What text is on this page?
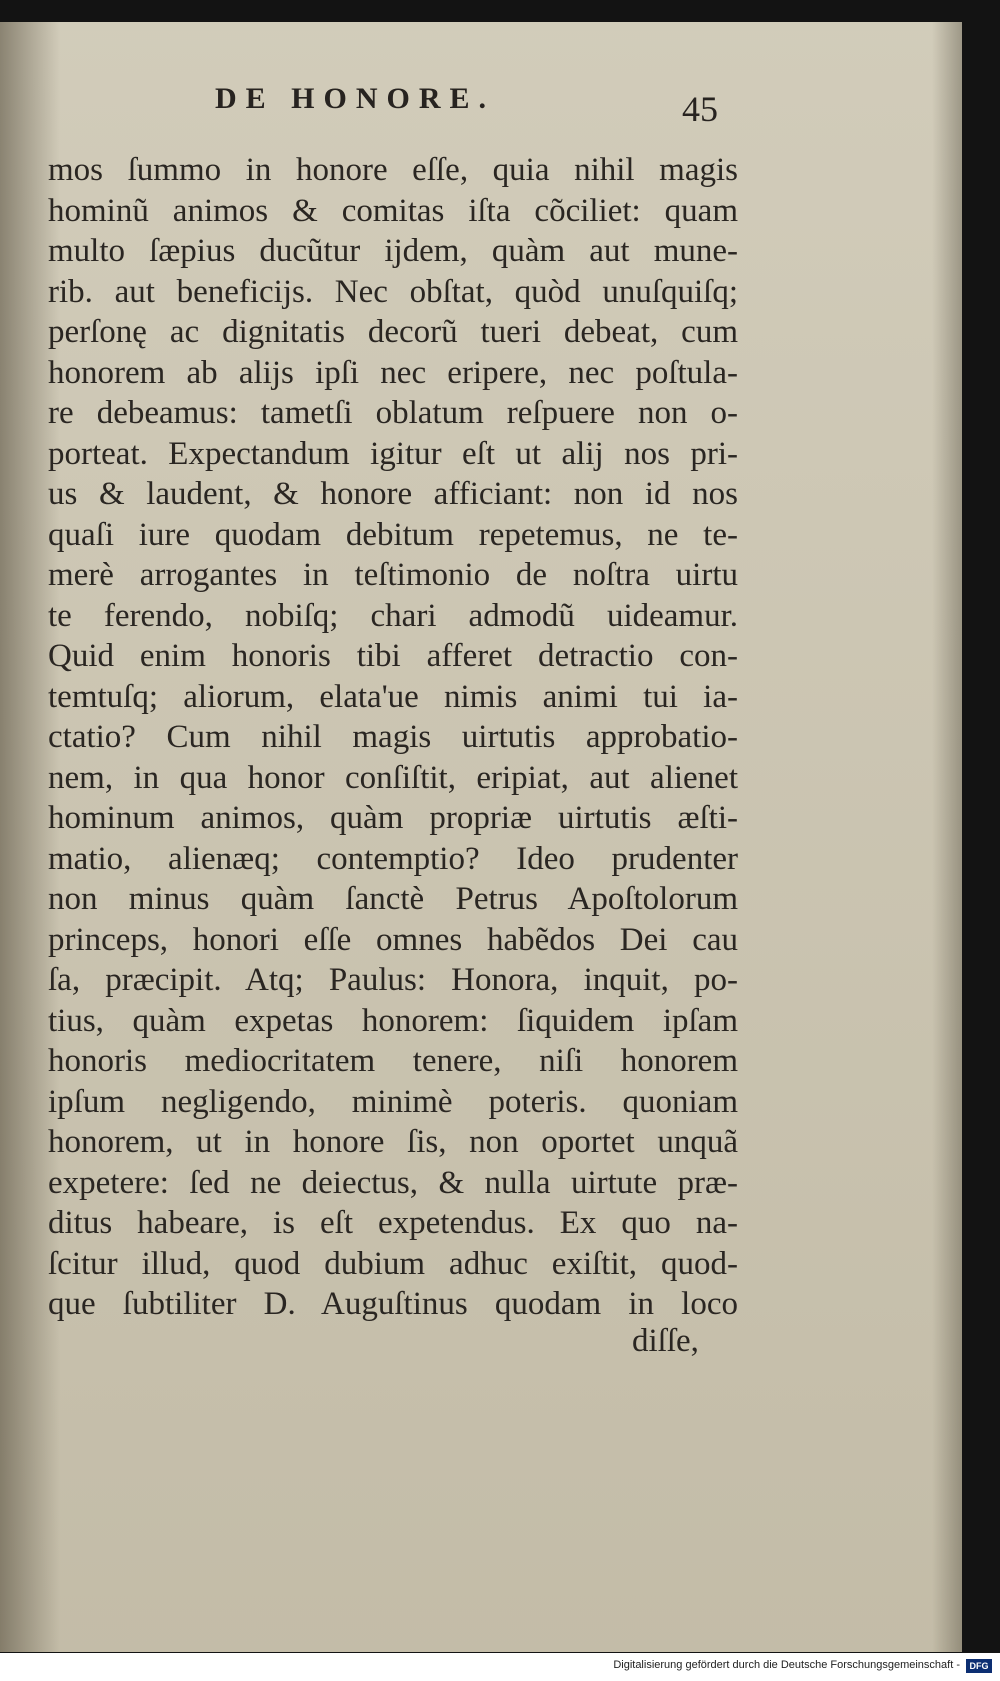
DE HONORE.	45
mos ſummo in honore eſſe, quia nihil magis
hominũ animos & comitas iſta cõciliet: quam
multo ſæpius ducũtur ijdem, quàm aut mune-
rib. aut beneficijs. Nec obſtat, quòd unuſquiſq;
perſonę ac dignitatis decorũ tueri debeat, cum
honorem ab alijs ipſi nec eripere, nec poſtula-
re debeamus: tametſi oblatum reſpuere non o-
porteat. Expectandum igitur eſt ut alij nos pri-
us & laudent, & honore afficiant: non id nos
quaſi iure quodam debitum repetemus, ne te-
merè arrogantes in teſtimonio de noſtra uirtu
te ferendo, nobiſq; chari admodũ uideamur.
Quid enim honoris tibi afferet detractio con-
temtuſq; aliorum, elata'ue nimis animi tui ia-
ctatio? Cum nihil magis uirtutis approbatio-
nem, in qua honor conſiſtit, eripiat, aut alienet
hominum animos, quàm propriæ uirtutis æſti-
matio, alienæq; contemptio? Ideo prudenter
non minus quàm ſanctè Petrus Apoſtolorum
princeps, honori eſſe omnes habẽdos Dei cau
ſa, præcipit. Atq; Paulus: Honora, inquit, po-
tius, quàm expetas honorem: ſiquidem ipſam
honoris mediocritatem tenere, niſi honorem
ipſum negligendo, minimè poteris. quoniam
honorem, ut in honore ſis, non oportet unquã
expetere: ſed ne deiectus, & nulla uirtute præ-
ditus habeare, is eſt expetendus. Ex quo na-
ſcitur illud, quod dubium adhuc exiſtit, quod-
que ſubtiliter D. Auguſtinus quodam in loco
diſſe,
Digitalisierung gefördert durch die Deutsche Forschungsgemeinschaft -	DFG
